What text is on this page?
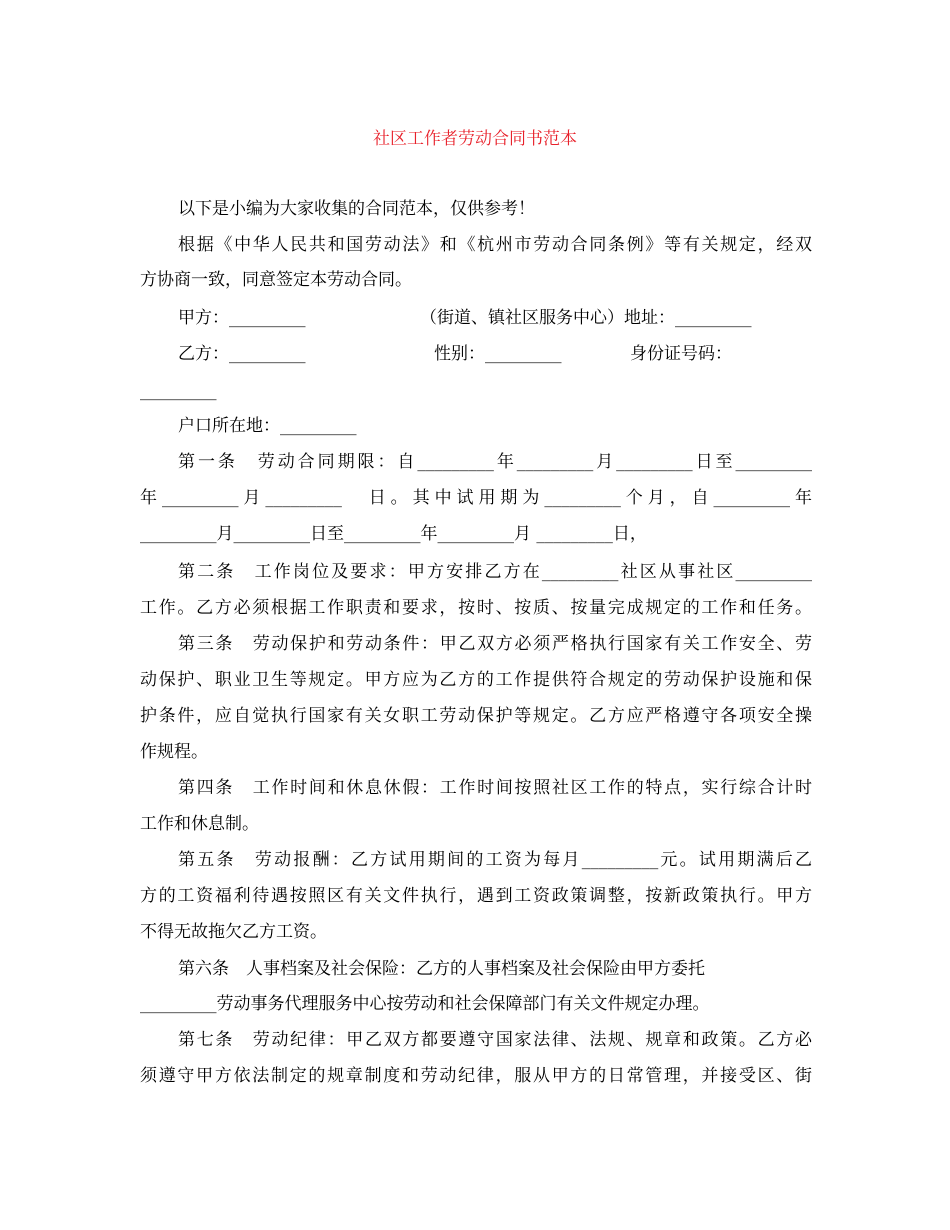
社区工作者劳动合同书范本
以下是小编为大家收集的合同范本，仅供参考！
根据《中华人民共和国劳动法》和《杭州市劳动合同条例》等有关规定，经双
方协商一致，同意签定本劳动合同。
甲方：_________	（街道、镇社区服务中心）地址：_________
乙方：_________	性别：_________	身份证号码：
_________
户口所在地：_________
第一条　劳动合同期限：自_________年_________月_________日至_________
年_________月_________　日。其中试用期为_________个月，自_________年
_________月_________日至_________年_________月 _________日，
第二条　工作岗位及要求：甲方安排乙方在_________社区从事社区_________
工作。乙方必须根据工作职责和要求，按时、按质、按量完成规定的工作和任务。
第三条　劳动保护和劳动条件：甲乙双方必须严格执行国家有关工作安全、劳
动保护、职业卫生等规定。甲方应为乙方的工作提供符合规定的劳动保护设施和保
护条件，应自觉执行国家有关女职工劳动保护等规定。乙方应严格遵守各项安全操
作规程。
第四条　工作时间和休息休假：工作时间按照社区工作的特点，实行综合计时
工作和休息制。
第五条　劳动报酬：乙方试用期间的工资为每月_________元。试用期满后乙
方的工资福利待遇按照区有关文件执行，遇到工资政策调整，按新政策执行。甲方
不得无故拖欠乙方工资。
第六条　人事档案及社会保险：乙方的人事档案及社会保险由甲方委托
_________劳动事务代理服务中心按劳动和社会保障部门有关文件规定办理。
第七条　劳动纪律：甲乙双方都要遵守国家法律、法规、规章和政策。乙方必
须遵守甲方依法制定的规章制度和劳动纪律，服从甲方的日常管理，并接受区、街
